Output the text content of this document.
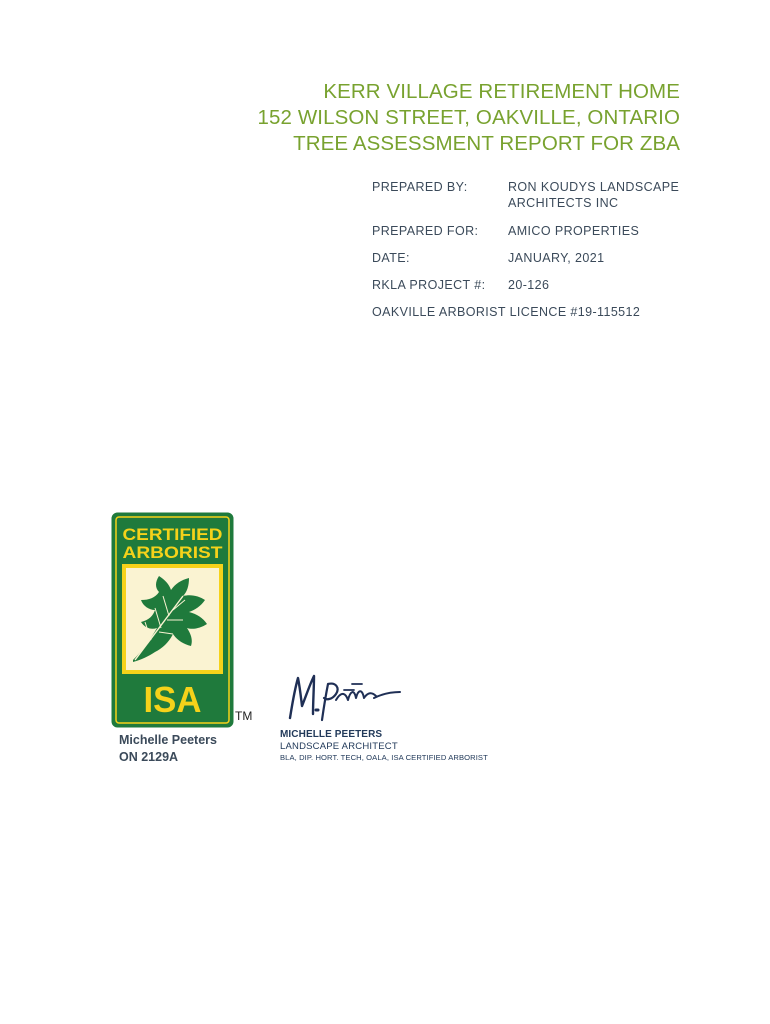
KERR VILLAGE RETIREMENT HOME
152 WILSON STREET, OAKVILLE, ONTARIO
TREE ASSESSMENT REPORT FOR ZBA
PREPARED BY:	RON KOUDYS LANDSCAPE
ARCHITECTS INC
PREPARED FOR: AMICO PROPERTIES
DATE:	JANUARY, 2021
RKLA PROJECT #: 20-126
OAKVILLE ARBORIST LICENCE #19-115512
CERTIFIED
ARBORIST
ISA	TM
Michelle Peeters
ON 2129A
MICHELLE PEETERS
LANDSCAPE ARCHITECT
BLA, DIP. HORT. TECH, OALA, ISA CERTIFIED ARBORIST
